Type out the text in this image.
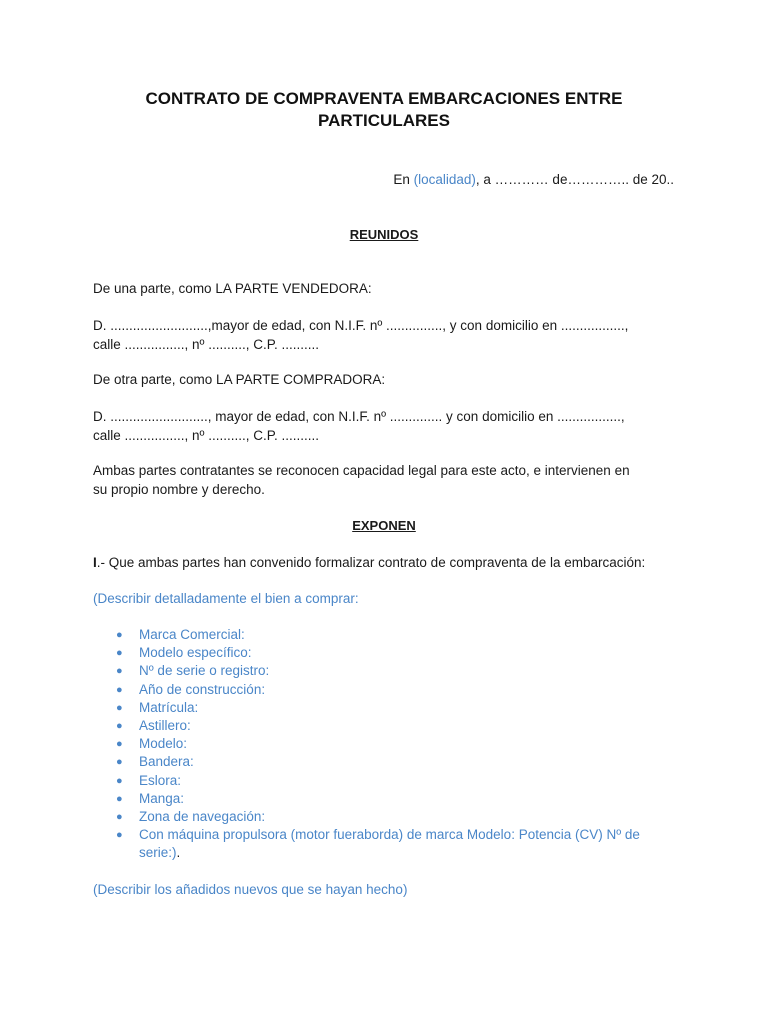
CONTRATO DE COMPRAVENTA EMBARCACIONES ENTRE
PARTICULARES
En (localidad), a ………… de………….. de 20..
REUNIDOS
De una parte, como LA PARTE VENDEDORA:
D. ..........................,mayor de edad, con N.I.F. nº ..............., y con domicilio en .................,
calle ................, nº .........., C.P. ..........
De otra parte, como LA PARTE COMPRADORA:
D. .........................., mayor de edad, con N.I.F. nº .............. y con domicilio en .................,
calle ................, nº .........., C.P. ..........
Ambas partes contratantes se reconocen capacidad legal para este acto, e intervienen en
su propio nombre y derecho.
EXPONEN
I.- Que ambas partes han convenido formalizar contrato de compraventa de la embarcación:
(Describir detalladamente el bien a comprar:
● Marca Comercial:
● Modelo específico:
● Nº de serie o registro:
● Año de construcción:
● Matrícula:
● Astillero:
● Modelo:
● Bandera:
● Eslora:
● Manga:
● Zona de navegación:
● Con máquina propulsora (motor fueraborda) de marca Modelo: Potencia (CV) Nº de
serie:).
(Describir los añadidos nuevos que se hayan hecho)
